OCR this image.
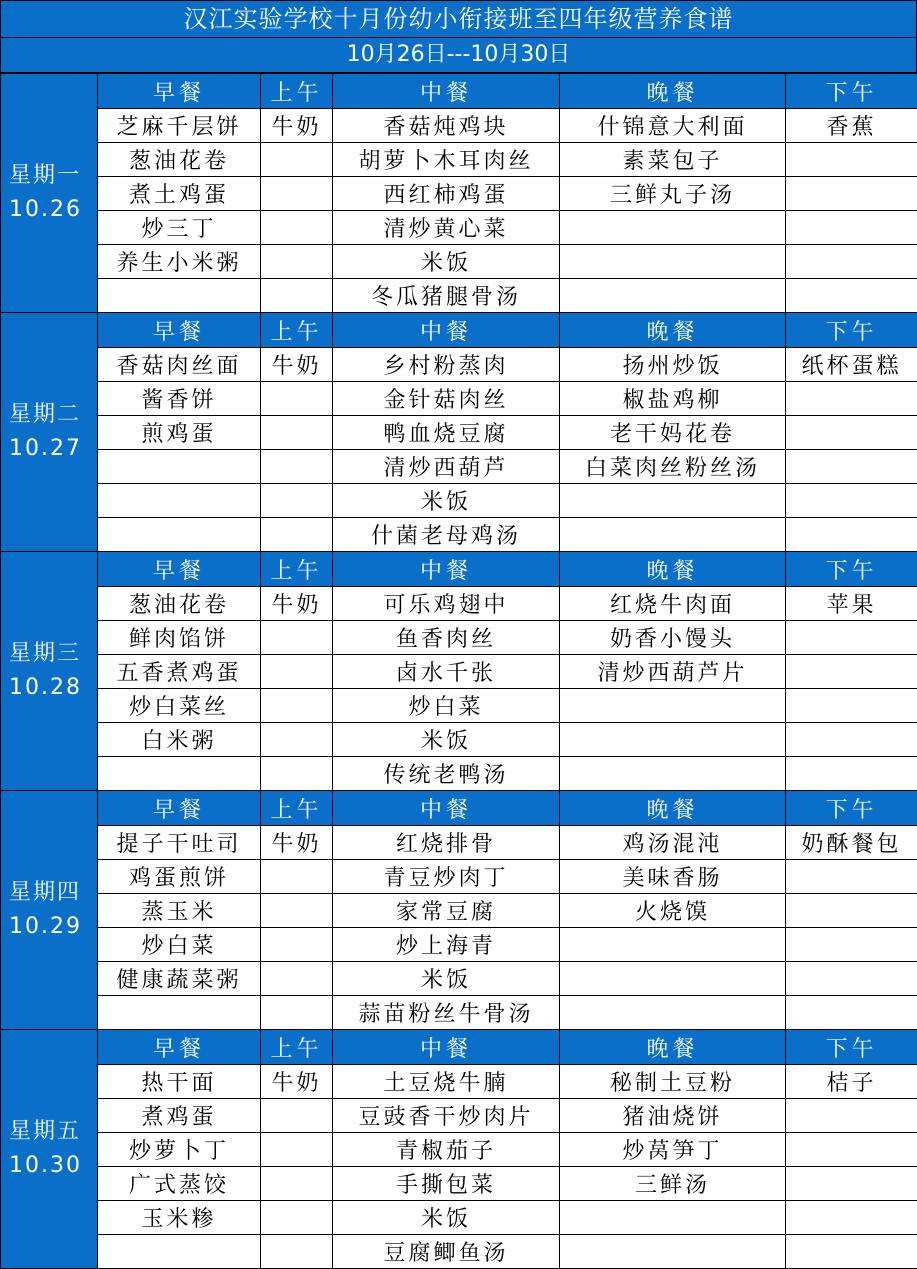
汉江实验学校十月份幼小衔接班至四年级营养食谱
10月26日---10月30日
星期一
10.26	早餐	上午	中餐	晚餐	下午
	芝麻千层饼	牛奶	香菇炖鸡块	什锦意大利面	香蕉
	葱油花卷		胡萝卜木耳肉丝	素菜包子	
	煮土鸡蛋		西红柿鸡蛋	三鲜丸子汤	
	炒三丁		清炒黄心菜		
	养生小米粥		米饭		
			冬瓜猪腿骨汤		

星期二
10.27	早餐	上午	中餐	晚餐	下午
	香菇肉丝面	牛奶	乡村粉蒸肉	扬州炒饭	纸杯蛋糕
	酱香饼		金针菇肉丝	椒盐鸡柳	
	煎鸡蛋		鸭血烧豆腐	老干妈花卷	
			清炒西葫芦	白菜肉丝粉丝汤	
			米饭		
			什菌老母鸡汤		

星期三
10.28	早餐	上午	中餐	晚餐	下午
	葱油花卷	牛奶	可乐鸡翅中	红烧牛肉面	苹果
	鲜肉馅饼		鱼香肉丝	奶香小馒头	
	五香煮鸡蛋		卤水千张	清炒西葫芦片	
	炒白菜丝		炒白菜		
	白米粥		米饭		
			传统老鸭汤		

星期四
10.29	早餐	上午	中餐	晚餐	下午
	提子干吐司	牛奶	红烧排骨	鸡汤混沌	奶酥餐包
	鸡蛋煎饼		青豆炒肉丁	美味香肠	
	蒸玉米		家常豆腐	火烧馍	
	炒白菜		炒上海青		
	健康蔬菜粥		米饭		
			蒜苗粉丝牛骨汤		

星期五
10.30	早餐	上午	中餐	晚餐	下午
	热干面	牛奶	土豆烧牛腩	秘制土豆粉	桔子
	煮鸡蛋		豆豉香干炒肉片	猪油烧饼	
	炒萝卜丁		青椒茄子	炒莴笋丁	
	广式蒸饺		手撕包菜	三鲜汤	
	玉米糁		米饭		
			豆腐鲫鱼汤		
